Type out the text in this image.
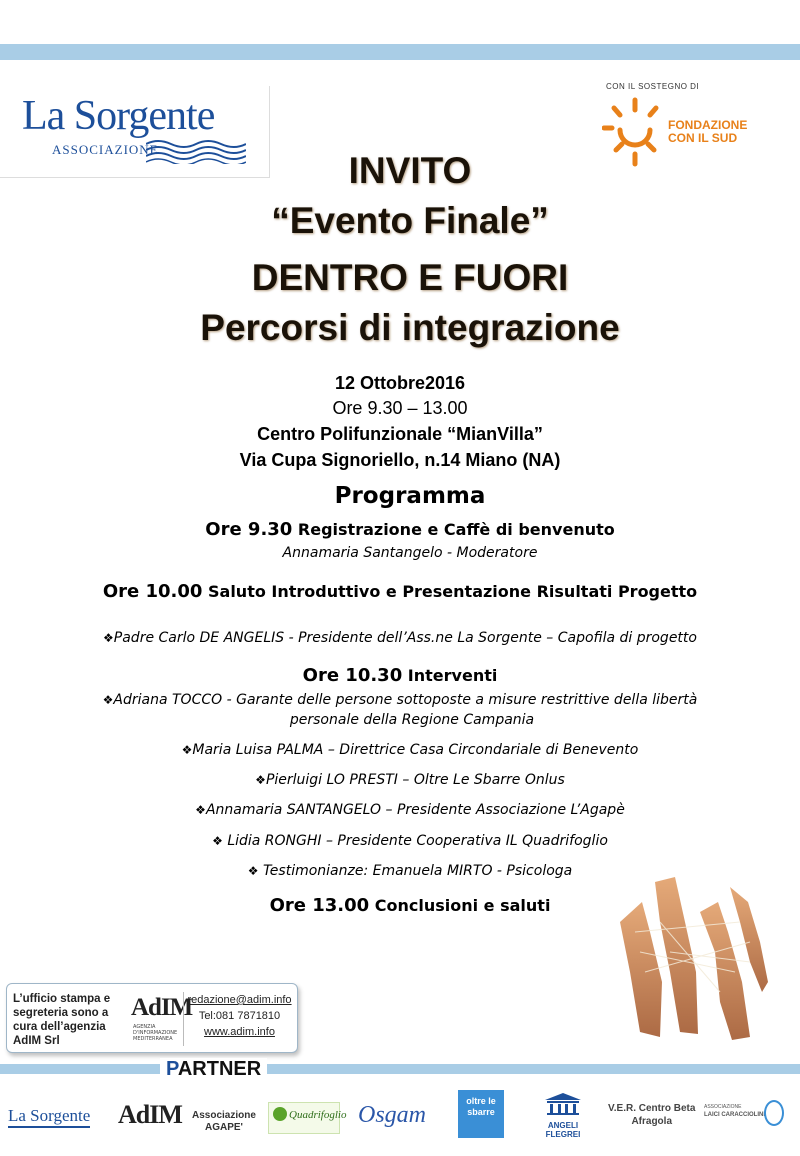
La Sorgente
ASSOCIAZIONE
CON IL SOSTEGNO DI
FONDAZIONE
CON IL SUD
INVITO
“Evento Finale”
DENTRO E FUORI
Percorsi di integrazione
12 Ottobre2016
Ore 9.30 – 13.00
Centro Polifunzionale “MianVilla”
Via Cupa Signoriello, n.14 Miano (NA)
Programma
Ore 9.30 Registrazione e Caffè di benvenuto
Annamaria Santangelo - Moderatore
Ore 10.00 Saluto Introduttivo e Presentazione Risultati Progetto
❖Padre Carlo DE ANGELIS - Presidente dell’Ass.ne La Sorgente – Capofila di progetto
Ore 10.30 Interventi
❖Adriana TOCCO - Garante delle persone sottoposte a misure restrittive della libertà
personale della Regione Campania
❖Maria Luisa PALMA – Direttrice Casa Circondariale di Benevento
❖Pierluigi LO PRESTI – Oltre Le Sbarre Onlus
❖Annamaria SANTANGELO – Presidente Associazione L’Agapè
❖ Lidia RONGHI – Presidente Cooperativa IL Quadrifoglio
❖ Testimonianze: Emanuela MIRTO - Psicologa
Ore 13.00 Conclusioni e saluti
L’ufficio stampa e
segreteria sono a
cura dell’agenzia
AdIM Srl
AdIM
AGENZIA D'INFORMAZIONE MEDITERRANEA
redazione@adim.info
Tel:081 7871810
www.adim.info
PARTNER
La Sorgente AdIM Associazione
AGAPE'
Quadrifoglio Osgam
oltre le sbarre
ANGELI FLEGREI
V.E.R. Centro Beta
Afragola
ASSOCIAZIONE
LAICI CARACCIOLINI
